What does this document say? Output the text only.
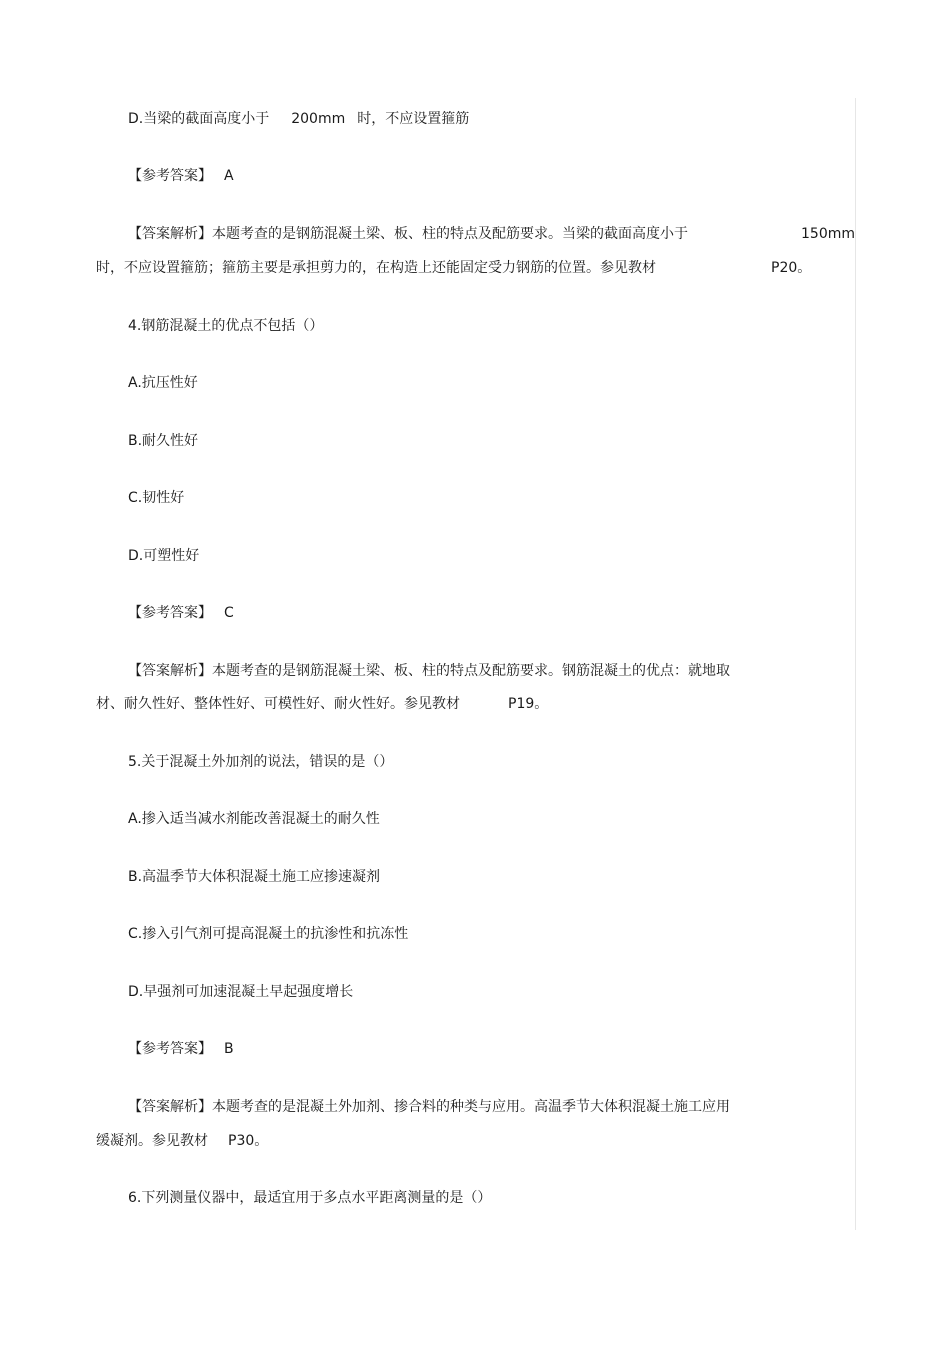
D.当梁的截面高度小于 200mm 时，不应设置箍筋
【参考答案】 A
【答案解析】本题考查的是钢筋混凝土梁、板、柱的特点及配筋要求。当梁的截面高度小于	150mm
时，不应设置箍筋；箍筋主要是承担剪力的，在构造上还能固定受力钢筋的位置。参见教材	P20。
4.钢筋混凝土的优点不包括（）
A.抗压性好
B.耐久性好
C.韧性好
D.可塑性好
【参考答案】 C
【答案解析】本题考查的是钢筋混凝土梁、板、柱的特点及配筋要求。钢筋混凝土的优点：就地取
材、耐久性好、整体性好、可模性好、耐火性好。参见教材	P19。
5.关于混凝土外加剂的说法，错误的是（）
A.掺入适当减水剂能改善混凝土的耐久性
B.高温季节大体积混凝土施工应掺速凝剂
C.掺入引气剂可提高混凝土的抗渗性和抗冻性
D.早强剂可加速混凝土早起强度增长
【参考答案】 B
【答案解析】本题考查的是混凝土外加剂、掺合料的种类与应用。高温季节大体积混凝土施工应用
缓凝剂。参见教材 P30。
6.下列测量仪器中，最适宜用于多点水平距离测量的是（）
